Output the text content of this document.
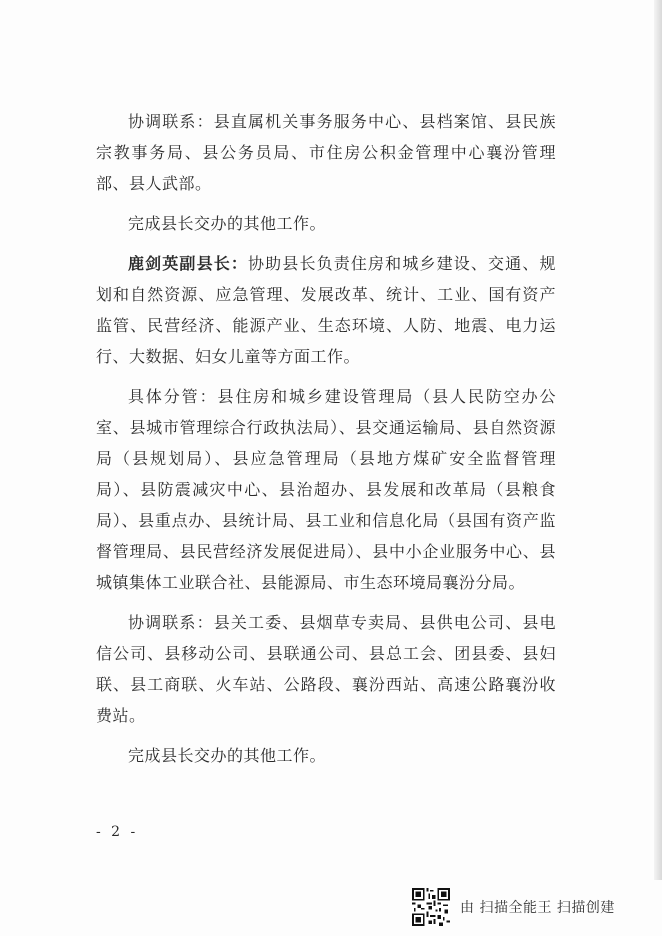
协调联系：县直属机关事务服务中心、县档案馆、县民族宗教事务局、县公务员局、市住房公积金管理中心襄汾管理部、县人武部。

完成县长交办的其他工作。

鹿剑英副县长：协助县长负责住房和城乡建设、交通、规划和自然资源、应急管理、发展改革、统计、工业、国有资产监管、民营经济、能源产业、生态环境、人防、地震、电力运行、大数据、妇女儿童等方面工作。

具体分管：县住房和城乡建设管理局（县人民防空办公室、县城市管理综合行政执法局）、县交通运输局、县自然资源局（县规划局）、县应急管理局（县地方煤矿安全监督管理局）、县防震减灾中心、县治超办、县发展和改革局（县粮食局）、县重点办、县统计局、县工业和信息化局（县国有资产监督管理局、县民营经济发展促进局）、县中小企业服务中心、县城镇集体工业联合社、县能源局、市生态环境局襄汾分局。

协调联系：县关工委、县烟草专卖局、县供电公司、县电信公司、县移动公司、县联通公司、县总工会、团县委、县妇联、县工商联、火车站、公路段、襄汾西站、高速公路襄汾收费站。

完成县长交办的其他工作。

- 2 -
由 扫描全能王 扫描创建
